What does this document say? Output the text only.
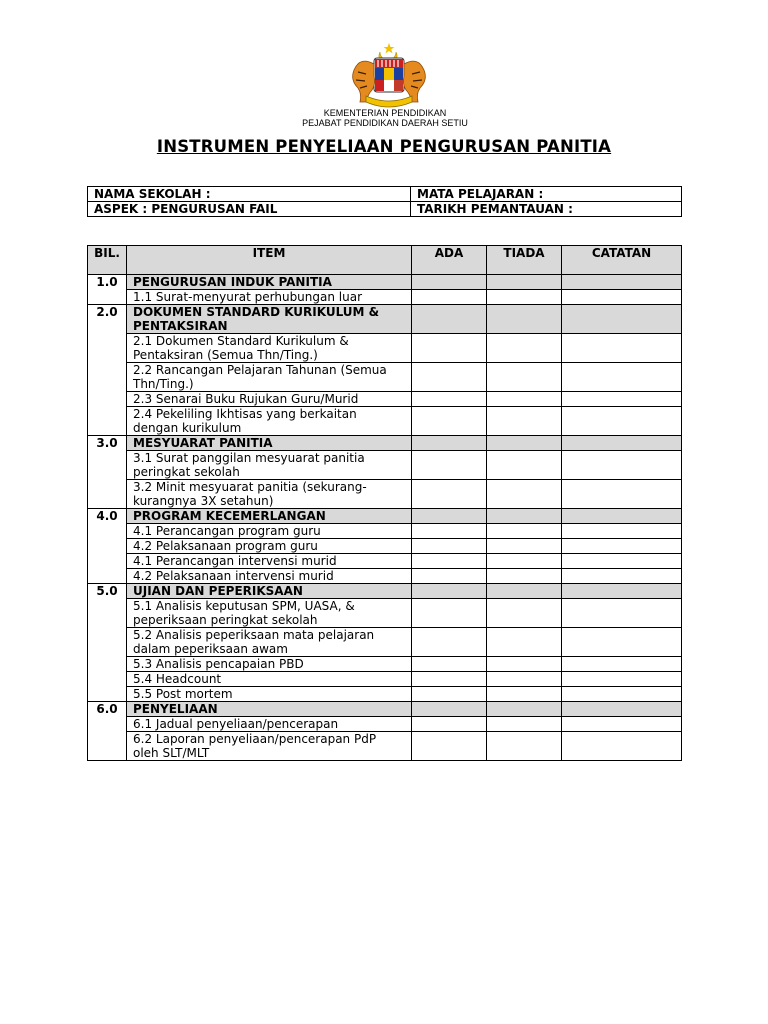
KEMENTERIAN PENDIDIKAN
PEJABAT PENDIDIKAN DAERAH SETIU
INSTRUMEN PENYELIAAN PENGURUSAN PANITIA
NAMA SEKOLAH :	MATA PELAJARAN :
ASPEK : PENGURUSAN FAIL	TARIKH PEMANTAUAN :
BIL.	ITEM	ADA	TIADA	CATATAN
1.0	PENGURUSAN INDUK PANITIA			
	1.1 Surat-menyurat perhubungan luar			
2.0	DOKUMEN STANDARD KURIKULUM & PENTAKSIRAN			
	2.1 Dokumen Standard Kurikulum & Pentaksiran (Semua Thn/Ting.)			
	2.2 Rancangan Pelajaran Tahunan (Semua Thn/Ting.)			
	2.3 Senarai Buku Rujukan Guru/Murid			
	2.4 Pekeliling Ikhtisas yang berkaitan dengan kurikulum			
3.0	MESYUARAT PANITIA			
	3.1 Surat panggilan mesyuarat panitia peringkat sekolah			
	3.2 Minit mesyuarat panitia (sekurang-kurangnya 3X setahun)			
4.0	PROGRAM KECEMERLANGAN			
	4.1 Perancangan program guru			
	4.2 Pelaksanaan program guru			
	4.1 Perancangan intervensi murid			
	4.2 Pelaksanaan intervensi murid			
5.0	UJIAN DAN PEPERIKSAAN			
	5.1 Analisis keputusan SPM, UASA, & peperiksaan peringkat sekolah			
	5.2 Analisis peperiksaan mata pelajaran dalam peperiksaan awam			
	5.3 Analisis pencapaian PBD			
	5.4 Headcount			
	5.5 Post mortem			
6.0	PENYELIAAN			
	6.1 Jadual penyeliaan/pencerapan			
	6.2 Laporan penyeliaan/pencerapan PdP oleh SLT/MLT			
